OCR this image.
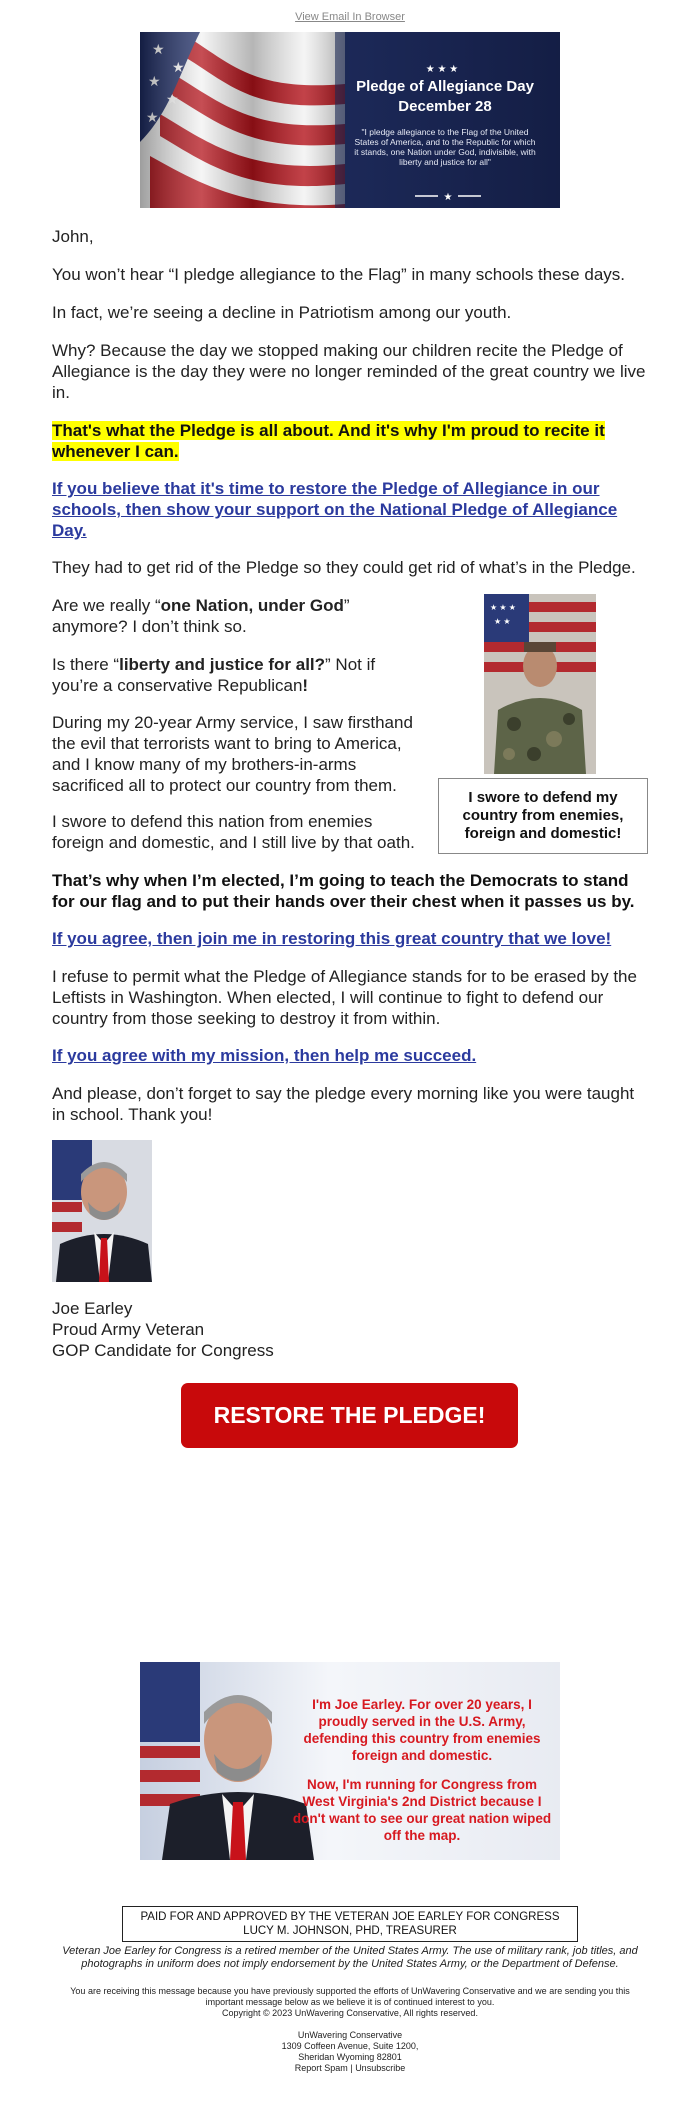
View Email In Browser
★ ★ ★
★
Pledge of Allegiance Day
December 28
"I pledge allegiance to the Flag of the United States of America, and to the Republic for which it stands, one Nation under God, indivisible, with liberty and justice for all"

John,

You won’t hear “I pledge allegiance to the Flag” in many schools these days.

In fact, we’re seeing a decline in Patriotism among our youth.

Why? Because the day we stopped making our children recite the Pledge of Allegiance is the day they were no longer reminded of the great country we live in.

That's what the Pledge is all about. And it's why I'm proud to recite it whenever I can.

If you believe that it's time to restore the Pledge of Allegiance in our schools, then show your support on the National Pledge of Allegiance Day.

They had to get rid of the Pledge so they could get rid of what’s in the Pledge.

Are we really “one Nation, under God” anymore? I don’t think so.

Is there “liberty and justice for all?” Not if you’re a conservative Republican!

During my 20-year Army service, I saw firsthand the evil that terrorists want to bring to America, and I know many of my brothers-in-arms sacrificed all to protect our country from them.

I swore to defend this nation from enemies foreign and domestic, and I still live by that oath.

★ ★ ★
★ ★
I swore to defend my country from enemies, foreign and domestic!

That’s why when I’m elected, I’m going to teach the Democrats to stand for our flag and to put their hands over their chest when it passes us by.

If you agree, then join me in restoring this great country that we love!

I refuse to permit what the Pledge of Allegiance stands for to be erased by the Leftists in Washington. When elected, I will continue to fight to defend our country from those seeking to destroy it from within.

If you agree with my mission, then help me succeed.

And please, don’t forget to say the pledge every morning like you were taught in school. Thank you!

Joe Earley

Proud Army Veteran

GOP Candidate for Congress

RESTORE THE PLEDGE!
I'm Joe Earley. For over 20 years, I proudly served in the U.S. Army, defending this country from enemies foreign and domestic.
Now, I'm running for Congress from West Virginia's 2nd District because I don't want to see our great nation wiped off the map.
PAID FOR AND APPROVED BY THE VETERAN JOE EARLEY FOR CONGRESS
LUCY M. JOHNSON, PHD, TREASURER
Veteran Joe Earley for Congress is a retired member of the United States Army. The use of military rank, job titles, and photographs in uniform does not imply endorsement by the United States Army, or the Department of Defense.
You are receiving this message because you have previously supported the efforts of UnWavering Conservative and we are sending you this important message below as we believe it is of continued interest to you.
Copyright © 2023 UnWavering Conservative, All rights reserved.
UnWavering Conservative
1309 Coffeen Avenue, Suite 1200,
Sheridan Wyoming 82801
Report Spam | Unsubscribe
